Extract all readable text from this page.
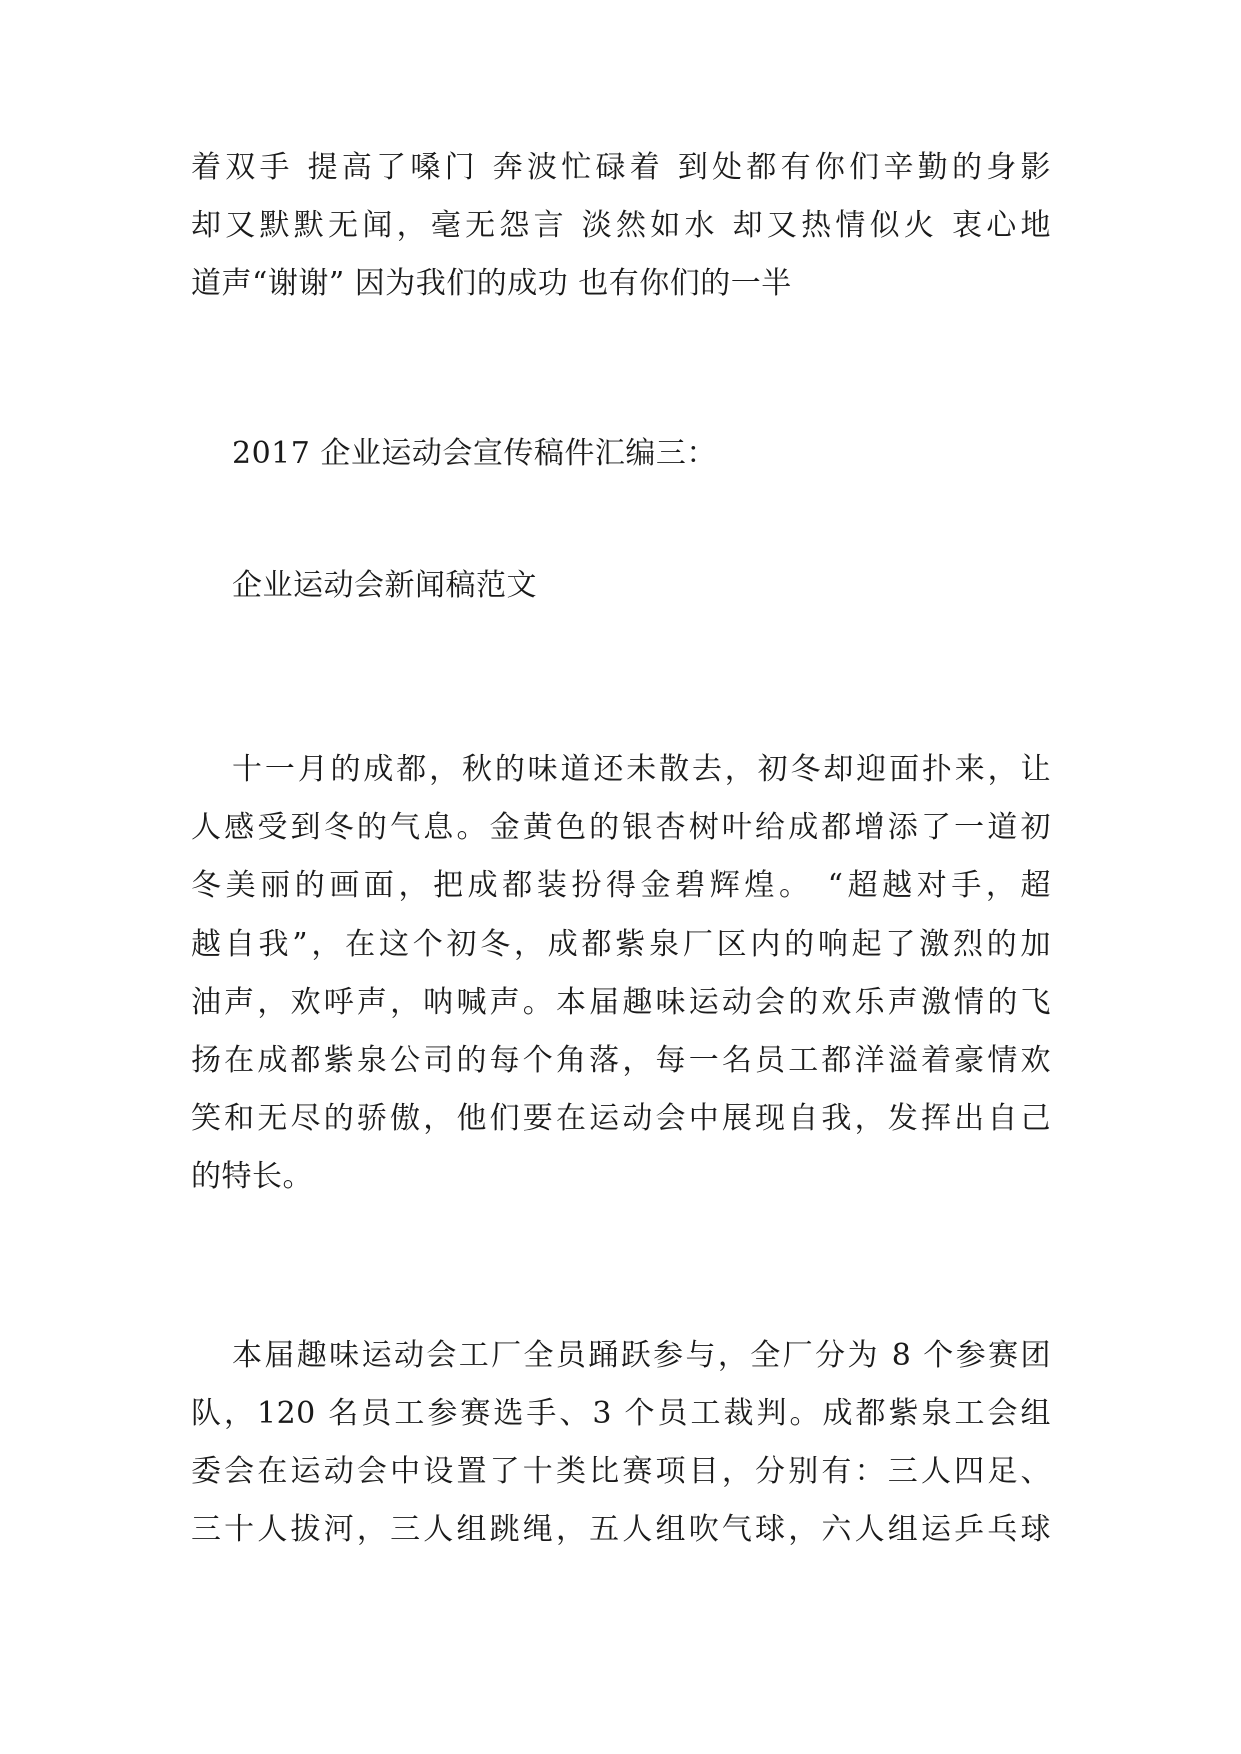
着双手 提高了嗓门 奔波忙碌着 到处都有你们辛勤的身影
却又默默无闻，毫无怨言 淡然如水 却又热情似火 衷心地
道声“谢谢” 因为我们的成功 也有你们的一半
2017 企业运动会宣传稿件汇编三：
企业运动会新闻稿范文
十一月的成都，秋的味道还未散去，初冬却迎面扑来，让
人感受到冬的气息。金黄色的银杏树叶给成都增添了一道初
冬美丽的画面，把成都装扮得金碧辉煌。 “超越对手，超
越自我”，在这个初冬，成都紫泉厂区内的响起了激烈的加
油声，欢呼声，呐喊声。本届趣味运动会的欢乐声激情的飞
扬在成都紫泉公司的每个角落，每一名员工都洋溢着豪情欢
笑和无尽的骄傲，他们要在运动会中展现自我，发挥出自己
的特长。
本届趣味运动会工厂全员踊跃参与，全厂分为 8 个参赛团
队，120 名员工参赛选手、3 个员工裁判。成都紫泉工会组
委会在运动会中设置了十类比赛项目，分别有：三人四足、
三十人拔河，三人组跳绳，五人组吹气球，六人组运乒乓球
